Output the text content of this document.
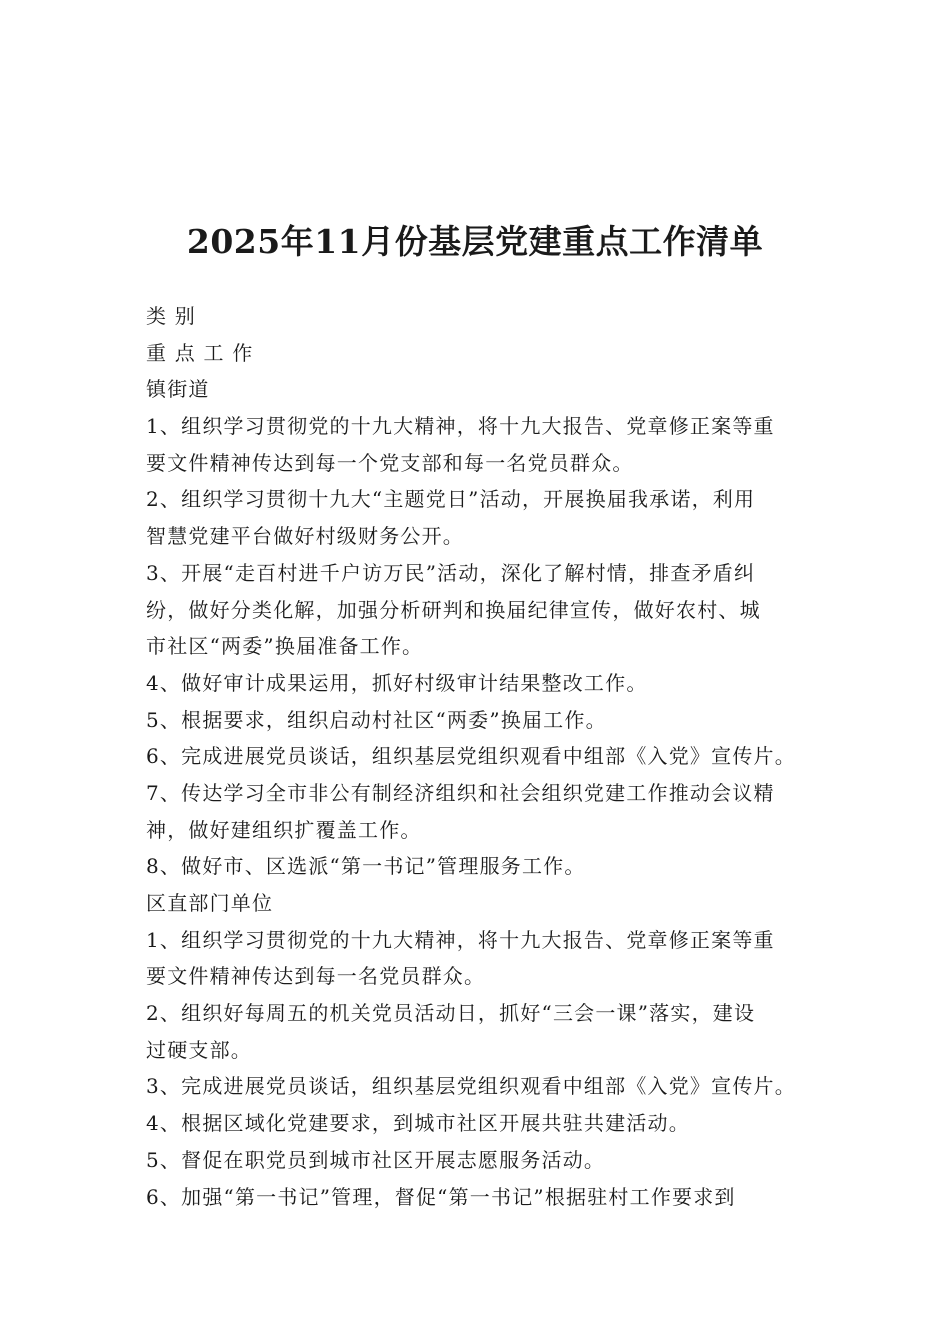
2025年11月份基层党建重点工作清单
类 别
重 点 工 作
镇街道
1、组织学习贯彻党的十九大精神，将十九大报告、党章修正案等重
要文件精神传达到每一个党支部和每一名党员群众。
2、组织学习贯彻十九大“主题党日”活动，开展换届我承诺，利用
智慧党建平台做好村级财务公开。
3、开展“走百村进千户访万民”活动，深化了解村情，排查矛盾纠
纷，做好分类化解，加强分析研判和换届纪律宣传，做好农村、城
市社区“两委”换届准备工作。
4、做好审计成果运用，抓好村级审计结果整改工作。
5、根据要求，组织启动村社区“两委”换届工作。
6、完成进展党员谈话，组织基层党组织观看中组部《入党》宣传片。
7、传达学习全市非公有制经济组织和社会组织党建工作推动会议精
神，做好建组织扩覆盖工作。
8、做好市、区选派“第一书记”管理服务工作。
区直部门单位
1、组织学习贯彻党的十九大精神，将十九大报告、党章修正案等重
要文件精神传达到每一名党员群众。
2、组织好每周五的机关党员活动日，抓好“三会一课”落实，建设
过硬支部。
3、完成进展党员谈话，组织基层党组织观看中组部《入党》宣传片。
4、根据区域化党建要求，到城市社区开展共驻共建活动。
5、督促在职党员到城市社区开展志愿服务活动。
6、加强“第一书记”管理，督促“第一书记”根据驻村工作要求到
